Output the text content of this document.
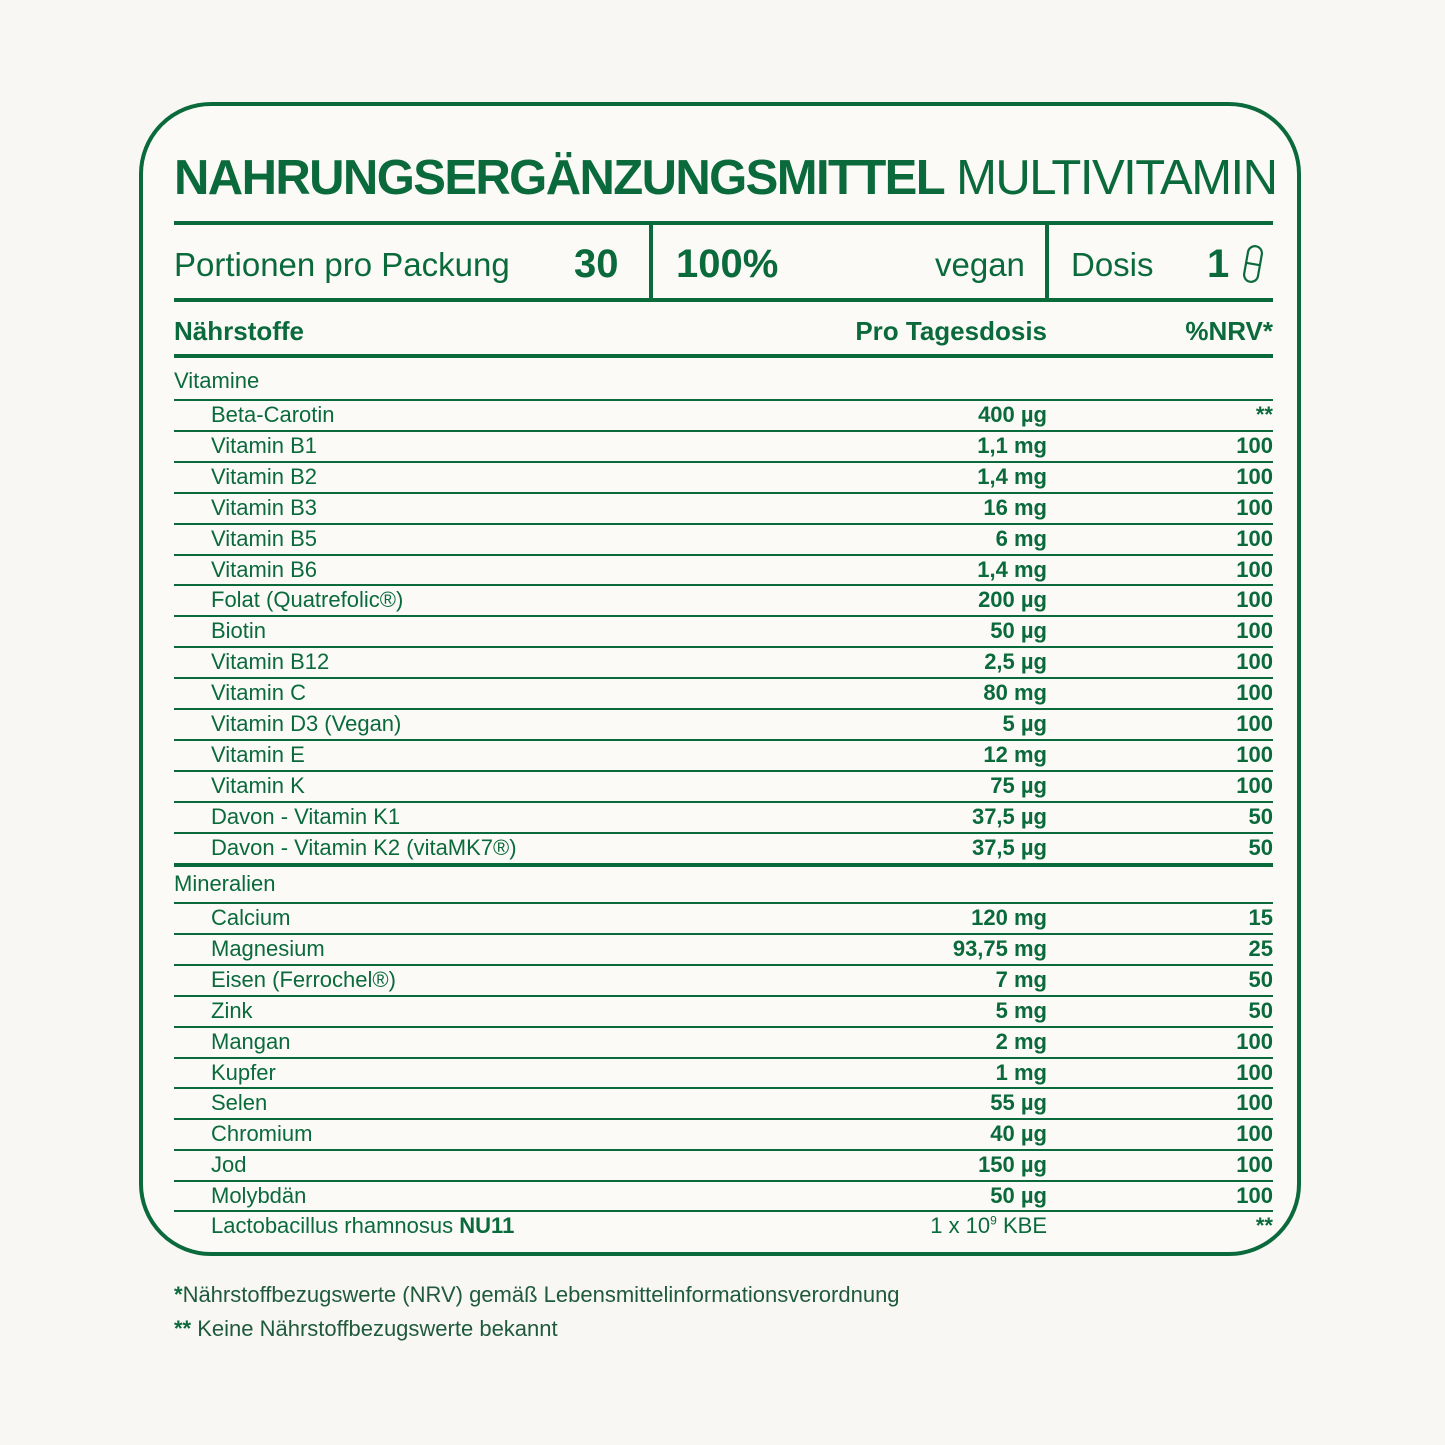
NAHRUNGSERGÄNZUNGSMITTEL MULTIVITAMIN
Portionen pro Packung 30 100%	vegan Dosis 1
Nährstoffe	Pro Tagesdosis	%NRV*
Vitamine
Beta-Carotin	400 µg	**
Vitamin B1	1,1 mg	100
Vitamin B2	1,4 mg	100
Vitamin B3	16 mg	100
Vitamin B5	6 mg	100
Vitamin B6	1,4 mg	100
Folat (Quatrefolic®)	200 µg	100
Biotin	50 µg	100
Vitamin B12	2,5 µg	100
Vitamin C	80 mg	100
Vitamin D3 (Vegan)	5 µg	100
Vitamin E	12 mg	100
Vitamin K	75 µg	100
Davon - Vitamin K1	37,5 µg	50
Davon - Vitamin K2 (vitaMK7®)	37,5 µg	50
Mineralien
Calcium	120 mg	15
Magnesium	93,75 mg	25
Eisen (Ferrochel®)	7 mg	50
Zink	5 mg	50
Mangan	2 mg	100
Kupfer	1 mg	100
Selen	55 µg	100
Chromium	40 µg	100
Jod	150 µg	100
Molybdän	50 µg	100
Lactobacillus rhamnosus NU11	1 x $10^9$ KBE	**
*Nährstoffbezugswerte (NRV) gemäß Lebensmittelinformationsverordnung
** Keine Nährstoffbezugswerte bekannt
